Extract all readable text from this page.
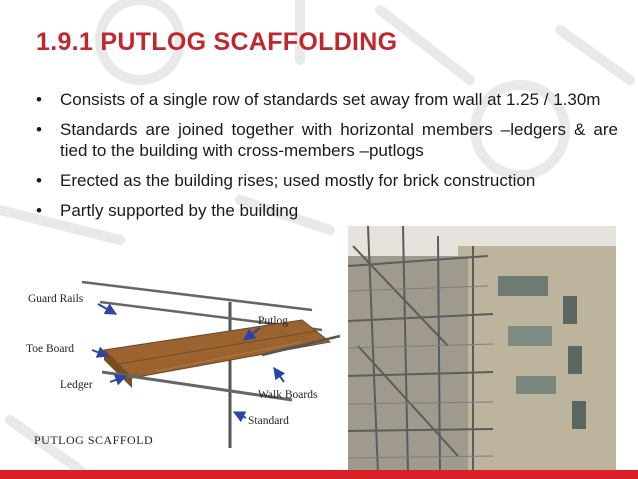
1.9.1 PUTLOG SCAFFOLDING
• Consists of a single row of standards set away from wall at 1.25 / 1.30m
• Standards are joined together with horizontal members –ledgers & are tied to the building with cross-members –putlogs
• Erected as the building rises; used mostly for brick construction
• Partly supported by the building
Guard Rails
Putlog
Toe Board
Ledger
Walk Boards
Standard
PUTLOG SCAFFOLD
